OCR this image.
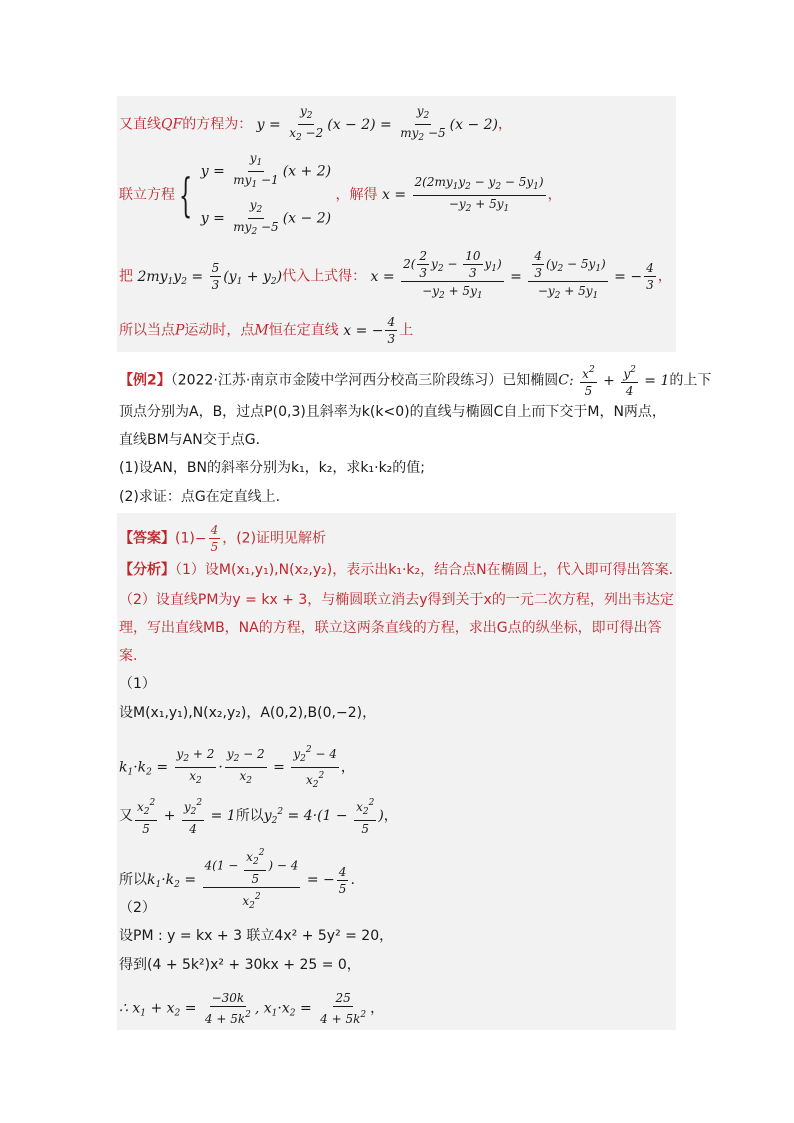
又直线QF的方程为： $y = \frac{y_2}{x_2 -2} (x - 2) = \frac{y_2}{my_2 -5} (x - 2)$，
联立方程{ $y = \frac{y_1}{my_1 -1} (x + 2)$
$y = \frac{y_2}{my_2 -5} (x - 2)$
，解得 $x = \frac{2(2my_1y_2 - y_2 - 5y_1)}{-y_2 + 5y_1}$ ，
把 $2my_1y_2 = \frac{5}{3} (y_1 + y_2)$代入上式得： $x = \frac{2( \frac{2}{3} y_2 - \frac{10}{3} y_1)}{-y_2 + 5y_1} = \frac{\frac{4}{3} (y_2 - 5y_1)}{-y_2 + 5y_1}$ = − $\frac{4}{3}$ ，
所以当点P运动时，点M恒在定直线 x = − $\frac{4}{3}$ 上
【例2】（2022·江苏·南京市金陵中学河西分校高三阶段练习）已知椭圆C: $\frac{x^2}{5} + \frac{y^2}{4} = 1$的上下
顶点分别为A，B，过点P(0,3)且斜率为k(k<0)的直线与椭圆C自上而下交于M，N两点，
直线BM与AN交于点G．
(1)设AN，BN的斜率分别为k₁，k₂，求k₁·k₂的值;
(2)求证：点G在定直线上.
【答案】$(1)- \frac{4}{5}$ ，(2)证明见解析
【分析】（1）设M(x₁,y₁),N(x₂,y₂)，表示出k₁·k₂，结合点N在椭圆上，代入即可得出答案.
（2）设直线PM为y = kx + 3，与椭圆联立消去y得到关于x的一元二次方程，列出韦达定
理，写出直线MB，NA的方程，联立这两条直线的方程，求出G点的纵坐标，即可得出答
案.
（1）
设M(x₁,y₁),N(x₂,y₂)，A(0,2),B(0,−2)，
$k_1\cdot k_2 = \frac{y_2 + 2}{x_2} \cdot \frac{y_2 - 2}{x_2} = \frac{y_2^2 - 4}{x_2^2}$ ，
又 $\frac{x_2^2}{5} + \frac{y_2^2}{4} = 1$所以$y_2^2 = 4\cdot(1 - \frac{x_2^2}{5}$ )，
所以$k_1\cdot k_2 = \frac{4(1 - \frac{x_2^2}{5} ) - 4}{x_2^2}$ = − $\frac{4}{5}$ .
（2）
设PM : y = kx + 3 联立4x² + 5y² = 20，
得到(4 + 5k²)x² + 30kx + 25 = 0，
∴ $x_1 + x_2 = \frac{-30k}{4 + 5k^2}$ , $x_1\cdot x_2 = \frac{25}{4 + 5k^2}$ ，
